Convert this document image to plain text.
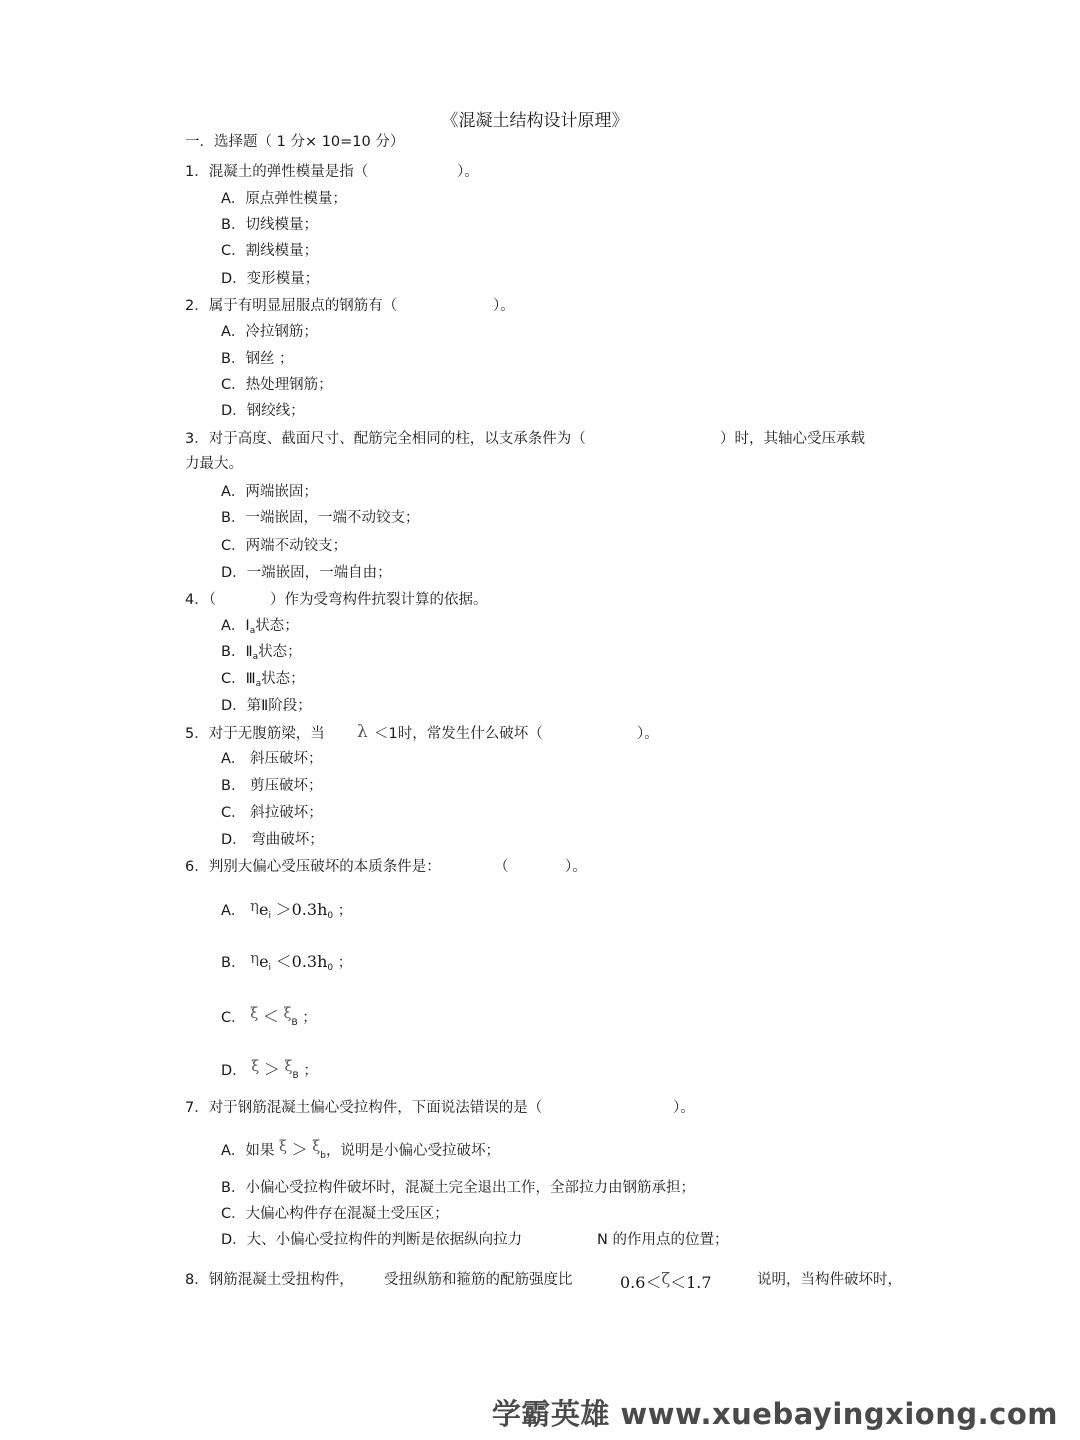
《混凝土结构设计原理》
一．选择题（ 1 分× 10=10 分）
1．混凝土的弹性模量是指（	）。
A．原点弹性模量；
B．切线模量；
C．割线模量；
D．变形模量；
2．属于有明显屈服点的钢筋有（	）。
A．冷拉钢筋；
B．钢丝 ；
C．热处理钢筋；
D．钢绞线；
3．对于高度、截面尺寸、配筋完全相同的柱，以支承条件为（	）时，其轴心受压承载
力最大。
A．两端嵌固；
B．一端嵌固，一端不动铰支；
C．两端不动铰支；
D．一端嵌固，一端自由；
4．（	）作为受弯构件抗裂计算的依据。
A．$Ⅰ_a$状态；
B．$Ⅱ_a$状态；
C．$Ⅲ_a$状态；
D．第Ⅱ阶段；
5．对于无腹筋梁，当 λ ＜1时，常发生什么破坏（	）。
A． 斜压破坏；
B． 剪压破坏；
C． 斜拉破坏；
D． 弯曲破坏；
6．判别大偏心受压破坏的本质条件是：	（	）。
A． $\eta e_i >0.3h_0$ ；
B． $\eta e_i <0.3h_0$ ；
C． $\xi < \xi_B$ ；
D． $\xi > \xi_B$ ；
7．对于钢筋混凝土偏心受拉构件，下面说法错误的是（	）。
A．如果 $\xi > \xi_b$，说明是小偏心受拉破坏；
B．小偏心受拉构件破坏时，混凝土完全退出工作，全部拉力由钢筋承担；
C．大偏心构件存在混凝土受压区；
D．大、小偏心受拉构件的判断是依据纵向拉力	N 的作用点的位置；
8．钢筋混凝土受扭构件， 受扭纵筋和箍筋的配筋强度比	0.6＜ζ＜1.7	说明，当构件破坏时，
学霸英雄 www.xuebayingxiong.com
